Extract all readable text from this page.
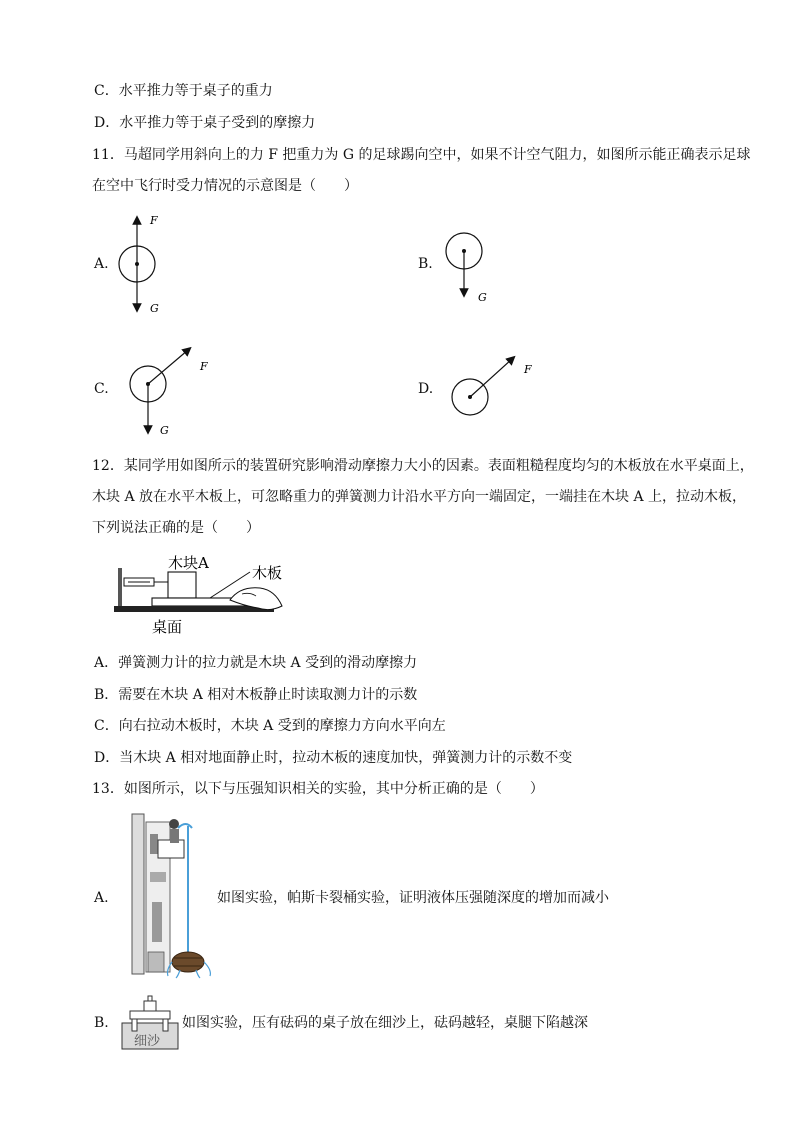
C．水平推力等于桌子的重力
D．水平推力等于桌子受到的摩擦力
11．马超同学用斜向上的力 F 把重力为 G 的足球踢向空中，如果不计空气阻力，如图所示能正确表示足球
在空中飞行时受力情况的示意图是（　　）
A.
F
G
B.
G
C.
F
G
D.
F
12．某同学用如图所示的装置研究影响滑动摩擦力大小的因素。表面粗糙程度均匀的木板放在水平桌面上，
木块 A 放在水平木板上，可忽略重力的弹簧测力计沿水平方向一端固定，一端挂在木块 A 上，拉动木板，
下列说法正确的是（　　）
木块A
木板
桌面
A．弹簧测力计的拉力就是木块 A 受到的滑动摩擦力
B．需要在木块 A 相对木板静止时读取测力计的示数
C．向右拉动木板时，木块 A 受到的摩擦力方向水平向左
D．当木块 A 相对地面静止时，拉动木板的速度加快，弹簧测力计的示数不变
13．如图所示，以下与压强知识相关的实验，其中分析正确的是（　　）
A.	如图实验，帕斯卡裂桶实验，证明液体压强随深度的增加而减小
B.
细沙
如图实验，压有砝码的桌子放在细沙上，砝码越轻，桌腿下陷越深
